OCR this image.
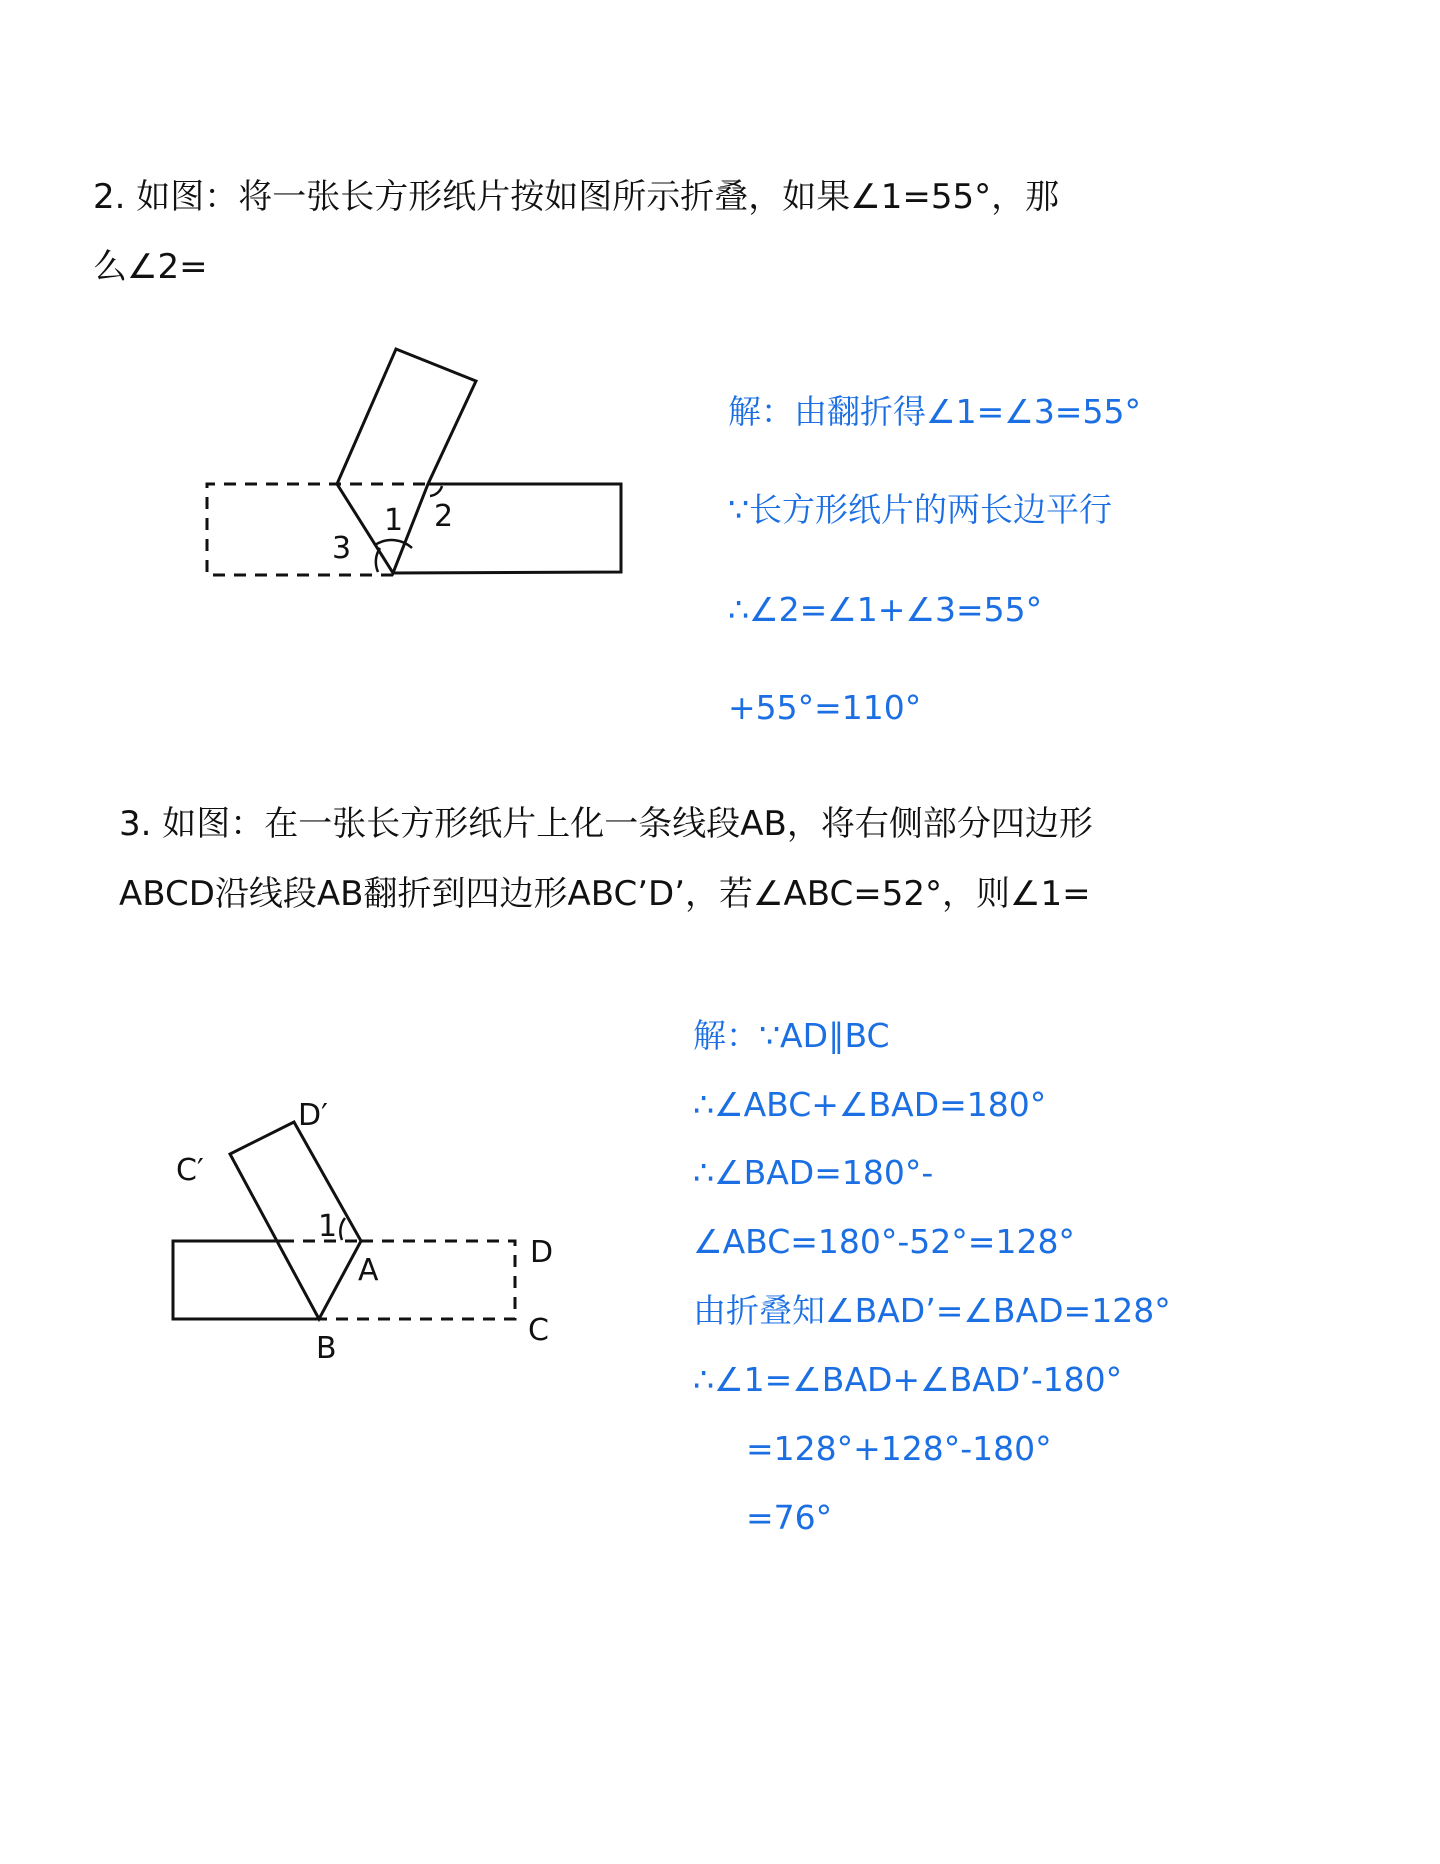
2. 如图：将一张长方形纸片按如图所示折叠，如果∠1=55°，那
么∠2=
1 2
3
D′
C′
1
A
D
B
C
解：由翻折得∠1=∠3=55°
∵长方形纸片的两长边平行
∴∠2=∠1+∠3=55°
+55°=110°
3. 如图：在一张长方形纸片上化一条线段AB，将右侧部分四边形
ABCD沿线段AB翻折到四边形ABC’D’，若∠ABC=52°，则∠1=
解：∵AD∥BC
∴∠ABC+∠BAD=180°
∴∠BAD=180°-
∠ABC=180°-52°=128°
由折叠知∠BAD’=∠BAD=128°
∴∠1=∠BAD+∠BAD’-180°
=128°+128°-180°
=76°
